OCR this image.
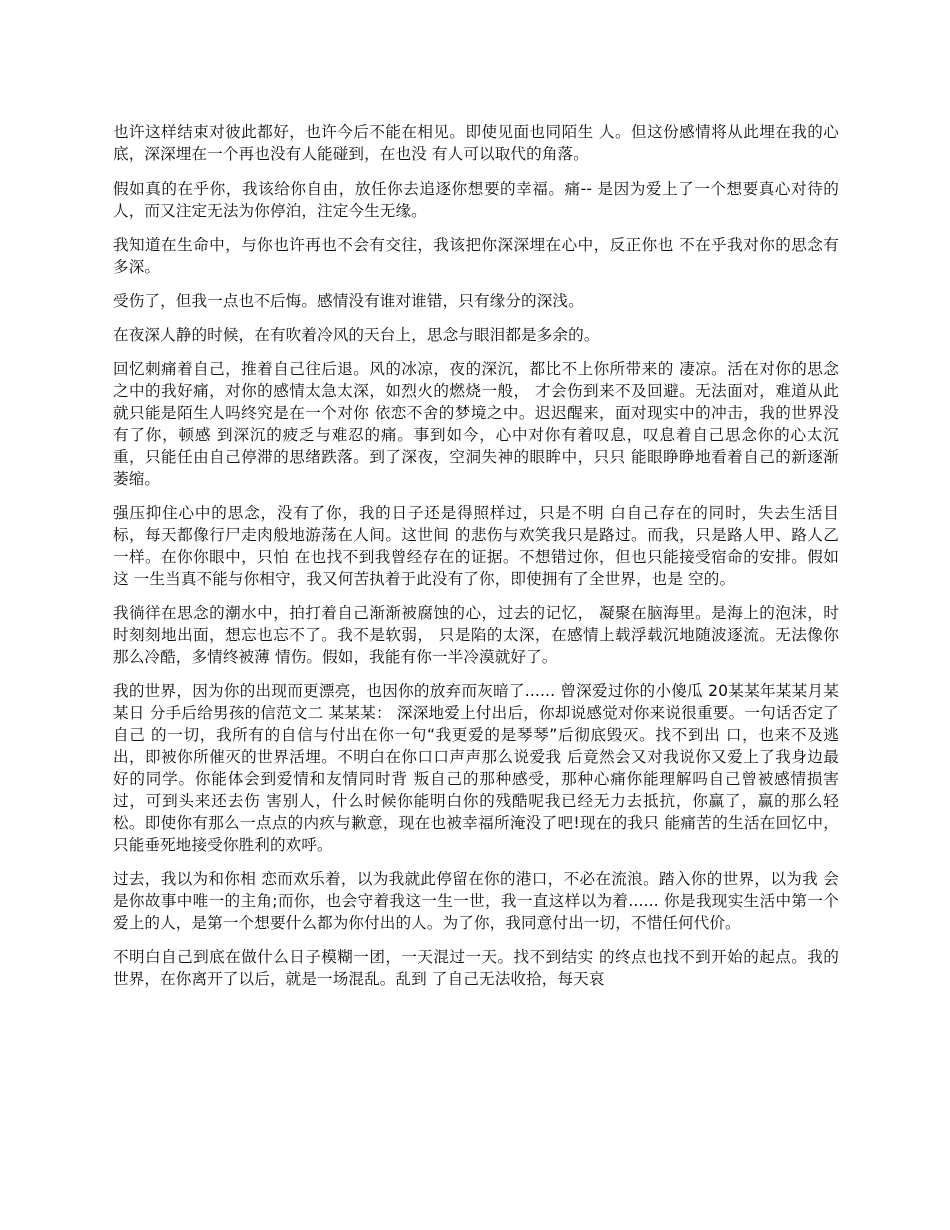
也许这样结束对彼此都好，也许今后不能在相见。即使见面也同陌生 人。但这份感情将从此埋在我的心底，深深埋在一个再也没有人能碰到，在也没 有人可以取代的角落。

假如真的在乎你，我该给你自由，放任你去追逐你想要的幸福。痛-- 是因为爱上了一个想要真心对待的人，而又注定无法为你停泊，注定今生无缘。

我知道在生命中，与你也许再也不会有交往，我该把你深深埋在心中，反正你也 不在乎我对你的思念有多深。

受伤了，但我一点也不后悔。感情没有谁对谁错，只有缘分的深浅。

在夜深人静的时候，在有吹着冷风的天台上，思念与眼泪都是多余的。

回忆刺痛着自己，推着自己往后退。风的冰凉，夜的深沉，都比不上你所带来的 凄凉。活在对你的思念之中的我好痛，对你的感情太急太深，如烈火的燃烧一般， 才会伤到来不及回避。无法面对，难道从此就只能是陌生人吗终究是在一个对你 依恋不舍的梦境之中。迟迟醒来，面对现实中的冲击，我的世界没有了你，顿感 到深沉的疲乏与难忍的痛。事到如今，心中对你有着叹息，叹息着自己思念你的心太沉重，只能任由自己停滞的思绪跌落。到了深夜，空洞失神的眼眸中，只只 能眼睁睁地看着自己的新逐渐萎缩。

强压抑住心中的思念，没有了你，我的日子还是得照样过，只是不明 白自己存在的同时，失去生活目标，每天都像行尸走肉般地游荡在人间。这世间 的悲伤与欢笑我只是路过。而我，只是路人甲、路人乙一样。在你你眼中，只怕 在也找不到我曾经存在的证据。不想错过你，但也只能接受宿命的安排。假如这 一生当真不能与你相守，我又何苦执着于此没有了你，即使拥有了全世界，也是 空的。

我徜徉在思念的潮水中，拍打着自己渐渐被腐蚀的心，过去的记忆， 凝聚在脑海里。是海上的泡沫，时时刻刻地出面，想忘也忘不了。我不是软弱， 只是陷的太深，在感情上载浮载沉地随波逐流。无法像你那么冷酷，多情终被薄 情伤。假如，我能有你一半冷漠就好了。

我的世界，因为你的出现而更漂亮，也因你的放弃而灰暗了...... 曾深爱过你的小傻瓜 20某某年某某月某某日 分手后给男孩的信范文二 某某某： 深深地爱上付出后，你却说感觉对你来说很重要。一句话否定了自己 的一切，我所有的自信与付出在你一句“我更爱的是琴琴”后彻底毁灭。找不到出 口，也来不及逃出，即被你所催灭的世界活埋。不明白在你口口声声那么说爱我 后竟然会又对我说你又爱上了我身边最好的同学。你能体会到爱情和友情同时背 叛自己的那种感受，那种心痛你能理解吗自己曾被感情损害过，可到头来还去伤 害别人，什么时候你能明白你的残酷呢我已经无力去抵抗，你赢了，赢的那么轻松。即使你有那么一点点的内疚与歉意，现在也被幸福所淹没了吧!现在的我只 能痛苦的生活在回忆中，只能垂死地接受你胜利的欢呼。

过去，我以为和你相 恋而欢乐着，以为我就此停留在你的港口，不必在流浪。踏入你的世界，以为我 会是你故事中唯一的主角;而你，也会守着我这一生一世，我一直这样以为着...... 你是我现实生活中第一个爱上的人，是第一个想要什么都为你付出的人。为了你，我同意付出一切，不惜任何代价。

不明白自己到底在做什么日子模糊一团，一天混过一天。找不到结实 的终点也找不到开始的起点。我的世界，在你离开了以后，就是一场混乱。乱到 了自己无法收拾，每天哀
